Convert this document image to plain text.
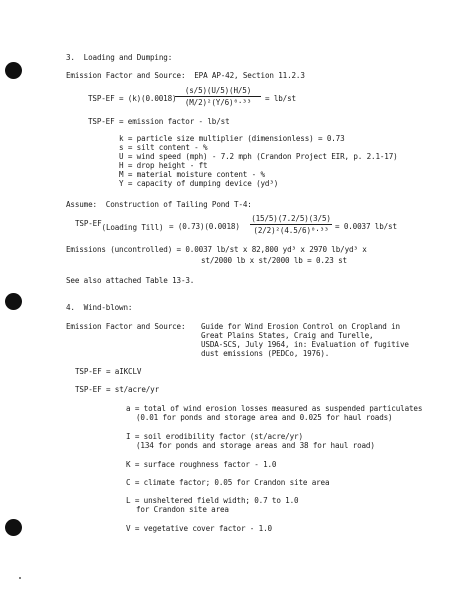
3.  Loading and Dumping:
Emission Factor and Source:  EPA AP-42, Section 11.2.3
TSP-EF = (k)(0.0018)
(s/5)(U/5)(H/5)
(M/2)²(Y/6)⁰·³³	= lb/st
TSP-EF = emission factor - lb/st
k = particle size multiplier (dimensionless) = 0.73
s = silt content - %
U = wind speed (mph) - 7.2 mph (Crandon Project EIR, p. 2.1-17)
H = drop height - ft
M = material moisture content - %
Y = capacity of dumping device (yd³)
Assume:  Construction of Tailing Pond T-4:
TSP-EF(Loading Till) = (0.73)(0.0018)
(15/5)(7.2/5)(3/5)
(2/2)²(4.5/6)⁰·³³ = 0.0037 lb/st
Emissions (uncontrolled) = 0.0037 lb/st x 82,800 yd³ x 2970 lb/yd³ x
st/2000 lb x st/2000 lb = 0.23 st
See also attached Table 13-3.
4.  Wind-blown:
Emission Factor and Source: Guide for Wind Erosion Control on Cropland in
Great Plains States, Craig and Turelle,
USDA-SCS, July 1964, in: Evaluation of fugitive
dust emissions (PEDCo, 1976).
TSP-EF = aIKCLV
TSP-EF = st/acre/yr
a = total of wind erosion losses measured as suspended particulates
(0.01 for ponds and storage area and 0.025 for haul roads)
I = soil erodibility factor (st/acre/yr)
(134 for ponds and storage areas and 38 for haul road)
K = surface roughness factor - 1.0
C = climate factor; 0.05 for Crandon site area
L = unsheltered field width; 0.7 to 1.0
for Crandon site area
V = vegetative cover factor - 1.0
